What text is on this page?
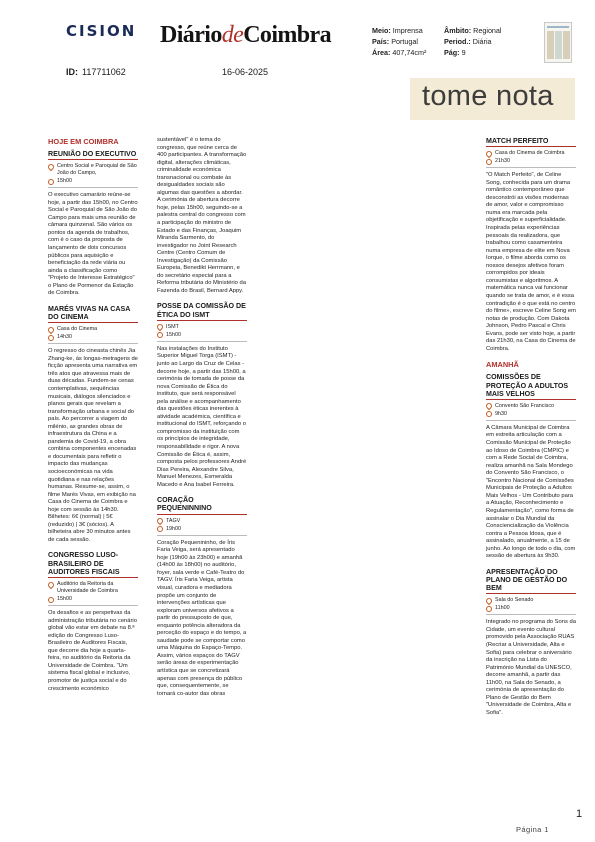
CISION DiáriodeCoimbra	Meio: Imprensa
País: Portugal
Área: 407,74cm²
Âmbito: Regional
Period.: Diária
Pág: 9
ID: 117711062	16-06-2025
tome nota
HOJE EM COIMBRA
REUNIÃO DO EXECUTIVO
Centro Social e Paroquial de São João do Campo,
15h00
O executivo camarário reúne-se hoje, a partir das 15h00, no Centro Social e Paroquial de São João do Campo para mais uma reunião de câmara quinzenal. São vários os pontos da agenda de trabalhos, com é o caso da proposta de lançamento de dois concursos públicos para aquisição e beneficiação da rede viária ou ainda a classificação como "Projeto de Interesse Estratégico" o Plano de Pormenor da Estação de Coimbra.
MARÉS VIVAS NA CASA DO CINEMA
Casa do Cinema
14h30
O regresso do cineasta chinês Jia Zhang-ke, às longas-metragens de ficção apresenta uma narrativa em três atos que atravessa mais de duas décadas. Fundem-se cenas contemplativas, sequências musicais, diálogos silenciados e planos gerais que revelam a transformação urbana e social do país. Ao percorrer a viagem do milénio, as grandes obras de infraestrutura da China e a pandemia de Covid-19, a obra combina componentes encenadas e documentais para refletir o impacto das mudanças socioeconómicas na vida quotidiana e nas relações humanas. Resume-se, assim, o filme Marés Vivas, em exibição na Casa do Cinema de Coimbra e hoje com sessão às 14h30. Bilhetes: 6€ (normal) | 5€ (reduzido) | 3€ (sócios). A bilheteira abre 30 minutos antes de cada sessão.
CONGRESSO LUSO-BRASILEIRO DE AUDITORES FISCAIS
Auditório da Reitoria da Universidade de Coimbra
15h00
Os desafios e as perspetivas da administração tributária no cenário global vão estar em debate na 8.ª edição do Congresso Luso-Brasileiro de Auditores Fiscais, que decorre dia hoje a quarta-feira, no auditório da Reitoria da Universidade de Coimbra. "Um sistema fiscal global e inclusivo, promotor de justiça social e do crescimento económico
sustentável" é o tema do congresso, que reúne cerca de 400 participantes. A transformação digital, alterações climáticas, criminalidade económica transnacional ou combate às desigualdades sociais são algumas das questões a abordar. A cerimónia de abertura decorre hoje, pelas 15h00, seguindo-se a palestra central do congresso com a participação do ministro de Estado e das Finanças, Joaquim Miranda Sarmento, do investigador no Joint Research Centre (Centro Comum de Investigação) da Comissão Europeia, Benedikt Herrmann, e do secretário especial para a Reforma tributária do Ministério da Fazenda do Brasil, Bernard Appy.
POSSE DA COMISSÃO DE ÉTICA DO ISMT
ISMT
15h00
Nas instalações do Instituto Superior Miguel Torga (ISMT) - junto ao Largo da Cruz de Celas - decorre hoje, a partir das 15h00, a cerimónia de tomada de posse da nova Comissão de Ética do instituto, que será responsável pela análise e acompanhamento das questões éticas inerentes à atividade académica, científica e institucional do ISMT, reforçando o compromisso da instituição com os princípios de integridade, responsabilidade e rigor. A nova Comissão de Ética é, assim, composta pelos professores André Dias Pereira, Alexandre Silva, Manuel Menezes, Esmeralda Macedo e Ana Isabel Ferreira.
CORAÇÃO PEQUENINNINO
TAGV
19h00
Coração Pequenininho, de Íris Faria Veiga, será apresentado hoje (19h00 às 23h00) e amanhã (14h00 às 18h00) no auditório, foyer, sala verde e Café-Teatro do TAGV. Íris Faria Veiga, artista visual, curadora e mediadora propõe um conjunto de intervenções artísticas que exploram universos afetivos a partir do pressuposto de que, enquanto potência alteradora da perceção do espaço e do tempo, a saudade pode se comportar como uma Máquina do Espaço-Tempo. Assim, vários espaços do TAGV serão áreas de experimentação artística que se concretizará apenas com presença do público que, consequentemente, se tornará co-autor das obras
MATCH PERFEITO
Casa do Cinema de Coimbra
21h30
"O Match Perfeito", de Celine Song, conhecida para um drama romântico contemporâneo que desconstrói as visões modernas de amor, valor e compromisso numa era marcada pela objetificação e superficialidade. Inspirada pelas experiências pessoais da realizadora, que trabalhou como casamenteira numa empresa de elite em Nova Iorque, o filme aborda como os nossos desejos afetivos foram corrompidos por ideais consumistas e algoritmos. A matemática nunca vai funcionar quando se trata de amor, e é essa contradição é o que está no centro do filme», escreve Celine Song em notas de produção. Com Dakota Johnson, Pedro Pascal e Chris Evans, pode ser visto hoje, a partir das 21h30, na Casa do Cinema de Coimbra.
AMANHÃ
COMISSÕES DE PROTEÇÃO A ADULTOS MAIS VELHOS
Convento São Francisco
9h30
A Câmara Municipal de Coimbra em estreita articulação com a Comissão Municipal de Proteção ao Idoso de Coimbra (CMPIC) e com a Rede Social de Coimbra, realiza amanhã na Sala Mondego do Convento São Francisco, o "Encontro Nacional de Comissões Municipais de Proteção a Adultos Mais Velhos - Um Contributo para a Atuação, Reconhecimento e Regulamentação", como forma de assinalar o Dia Mundial da Consciencialização da Violência contra a Pessoa Idosa, que é assinalado, anualmente, a 15 de junho. Ao longo de todo o dia, com sessão de abertura às 9h30.
APRESENTAÇÃO DO PLANO DE GESTÃO DO BEM
Sala do Senado
11h00
Integrado no programa do Sons da Cidade, um evento cultural promovido pela Associação RUAS (Recriar a Universidade, Alta e Sofia) para celebrar o aniversário da inscrição na Lista do Património Mundial da UNESCO, decorre amanhã, a partir das 11h00, na Sala do Senado, a cerimónia de apresentação do Plano de Gestão do Bem "Universidade de Coimbra, Alta e Sofia".
1
Página 1
